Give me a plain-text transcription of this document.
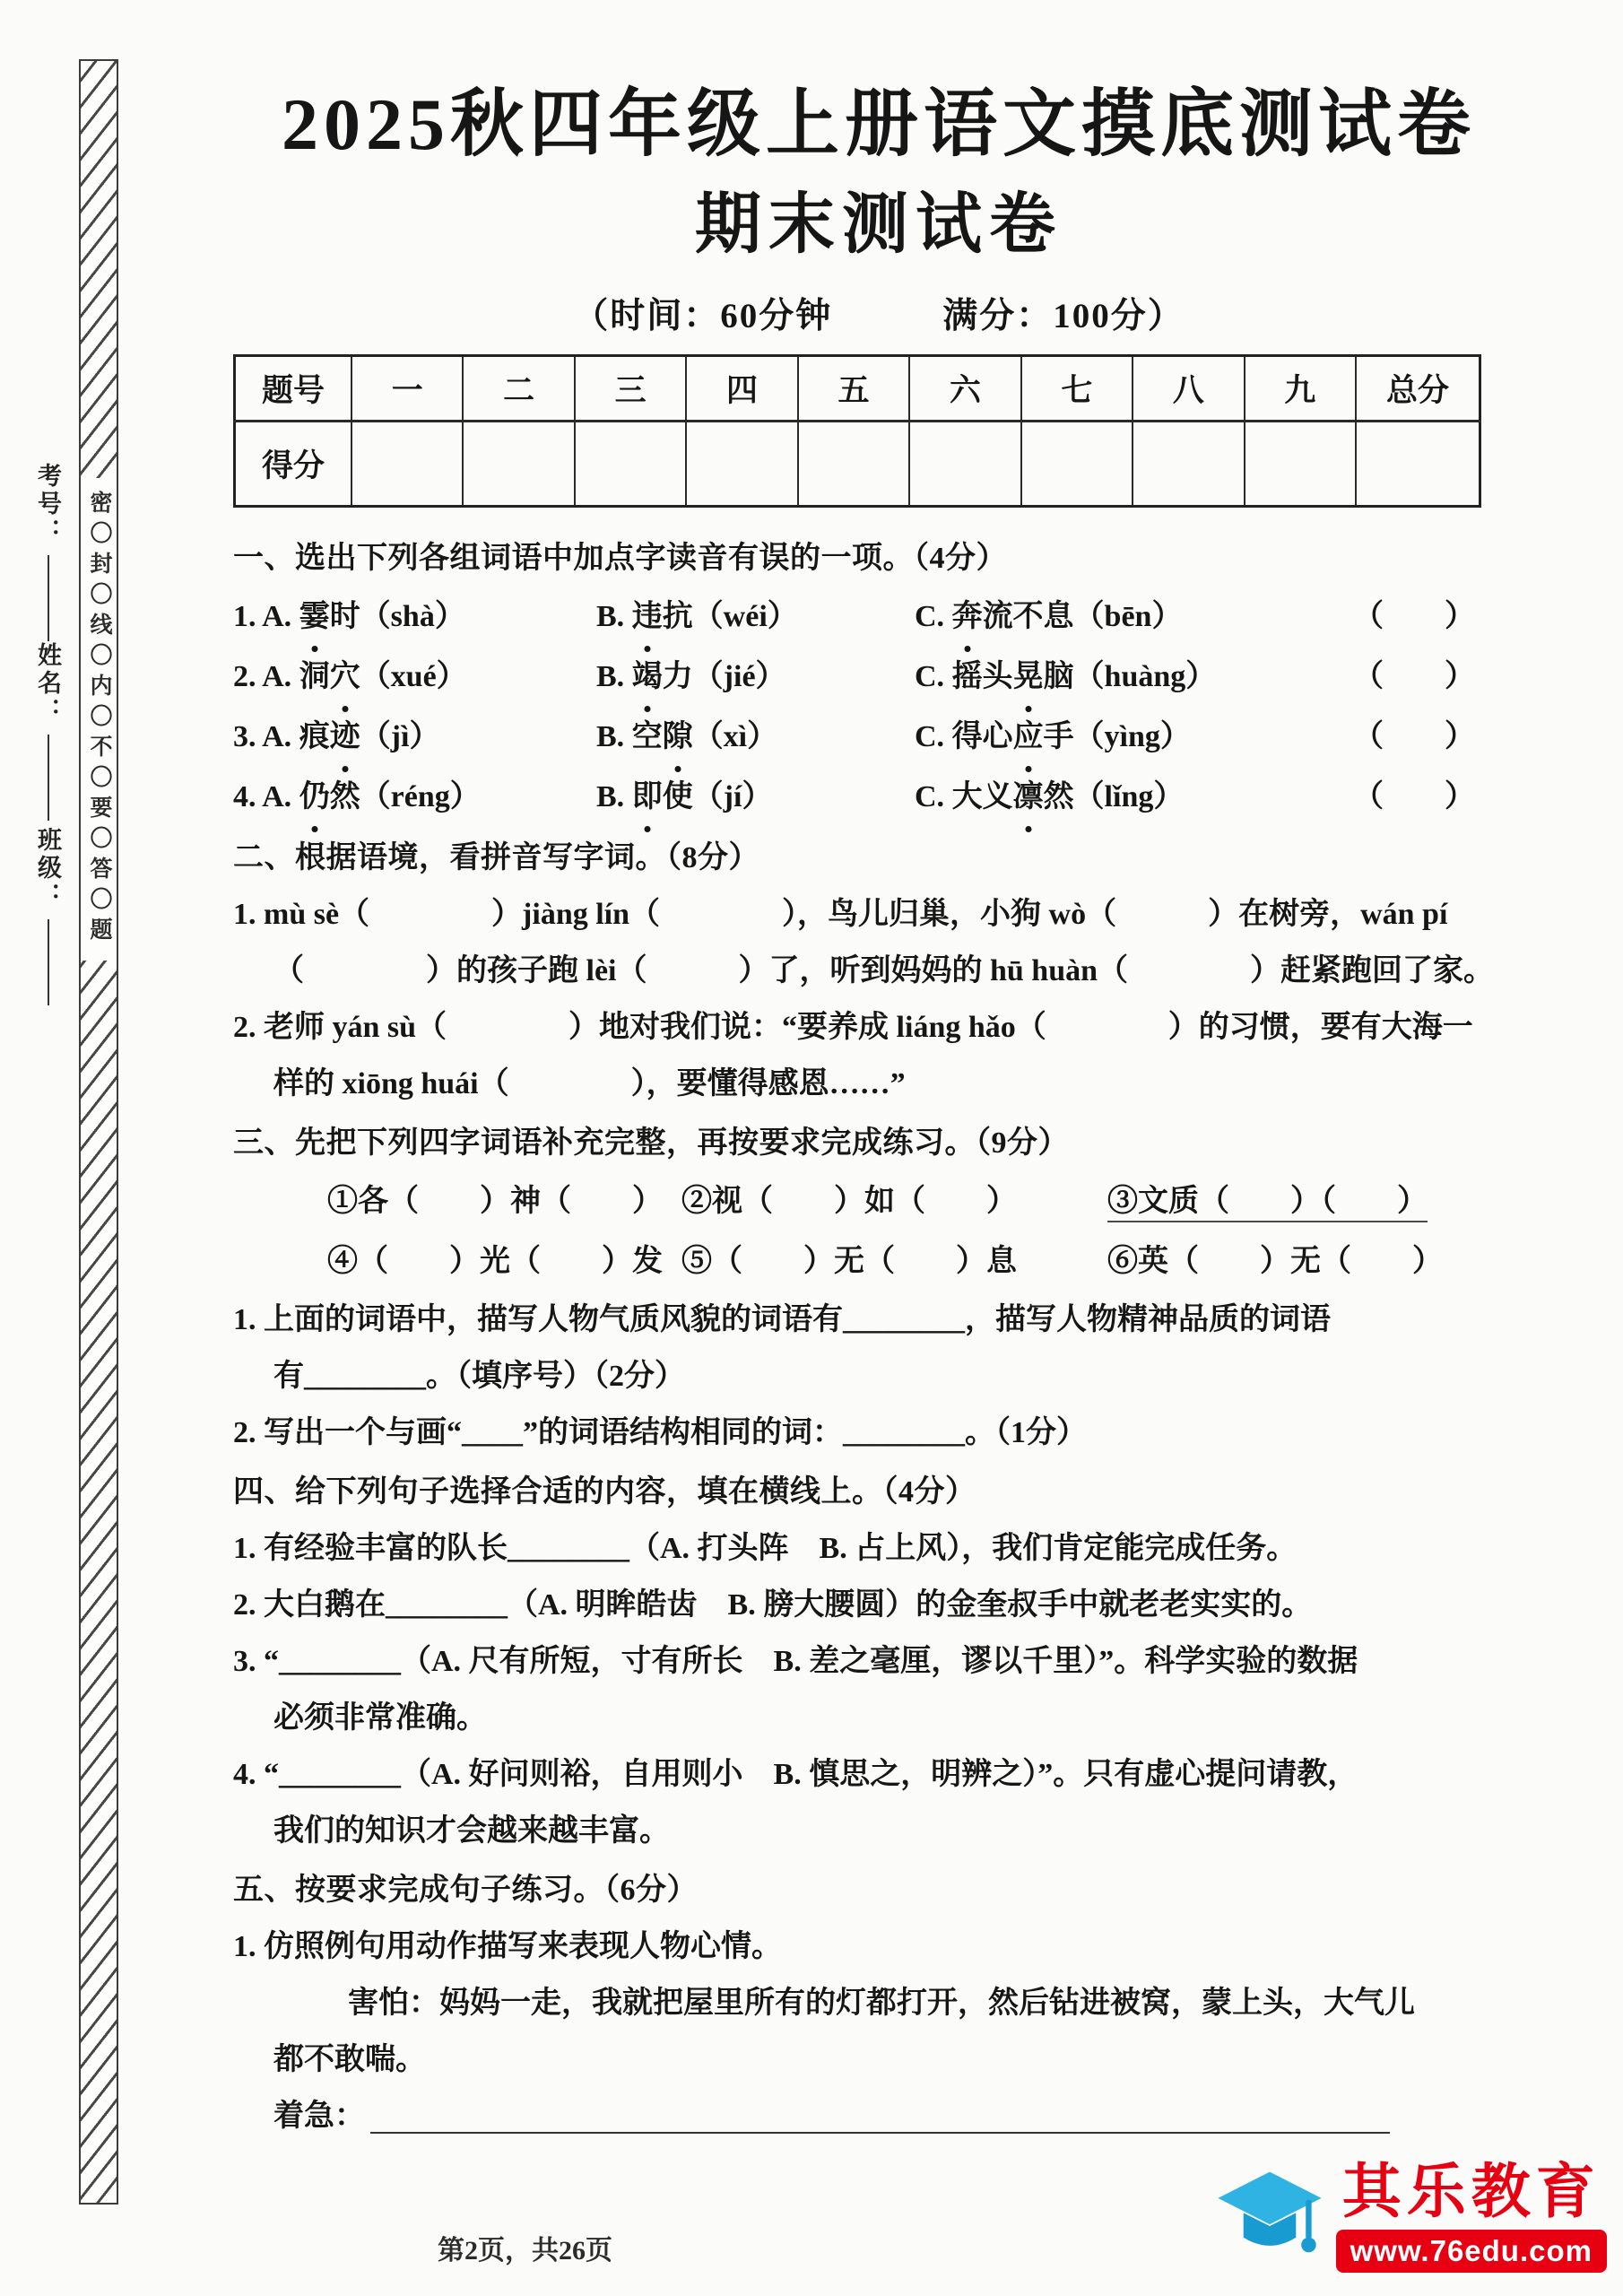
考号：
姓名：
班级： 密〇封〇线〇内〇不〇要〇答〇题
2025秋四年级上册语文摸底测试卷
期末测试卷
（时间：60分钟　　　满分：100分）
题号	一	二	三	四	五	六	七	八	九	总分
得分										
一、选出下列各组词语中加点字读音有误的一项。（4分）
1. A. 霎时（shà）	B. 违抗（wéi）	C. 奔流不息（bēn）	（　　）
2. A. 洞穴（xué）	B. 竭力（jié）	C. 摇头晃脑（huàng）	（　　）
3. A. 痕迹（jì）	B. 空隙（xì）	C. 得心应手（yìng）	（　　）
4. A. 仍然（réng）	B. 即使（jí）	C. 大义凛然（lǐng）	（　　）
二、根据语境，看拼音写字词。（8分）
1. mù sè（　　　　）jiàng lín（　　　　），鸟儿归巢，小狗 wò（　　　）在树旁，wán pí
（　　　　）的孩子跑 lèi（　　　）了，听到妈妈的 hū huàn（　　　　）赶紧跑回了家。
2. 老师 yán sù（　　　　）地对我们说：“要养成 liáng hǎo（　　　　）的习惯，要有大海一
样的 xiōng huái（　　　　），要懂得感恩……”
三、先把下列四字词语补充完整，再按要求完成练习。（9分）
①各（　　）神（　　） ②视（　　）如（　　）	③文质（　　）（　　）
④（　　）光（　　）发 ⑤（　　）无（　　）息	⑥英（　　）无（　　）
1. 上面的词语中，描写人物气质风貌的词语有________，描写人物精神品质的词语
有________。（填序号）（2分）
2. 写出一个与画“____”的词语结构相同的词：________。（1分）
四、给下列句子选择合适的内容，填在横线上。（4分）
1. 有经验丰富的队长________（A. 打头阵　B. 占上风），我们肯定能完成任务。
2. 大白鹅在________（A. 明眸皓齿　B. 膀大腰圆）的金奎叔手中就老老实实的。
3. “________（A. 尺有所短，寸有所长　B. 差之毫厘，谬以千里）”。科学实验的数据
必须非常准确。
4. “________（A. 好问则裕，自用则小　B. 慎思之，明辨之）”。只有虚心提问请教，
我们的知识才会越来越丰富。
五、按要求完成句子练习。（6分）
1. 仿照例句用动作描写来表现人物心情。
害怕：妈妈一走，我就把屋里所有的灯都打开，然后钻进被窝，蒙上头，大气儿
都不敢喘。
着急：
第2页，共26页
其乐教育
www.76edu.com
